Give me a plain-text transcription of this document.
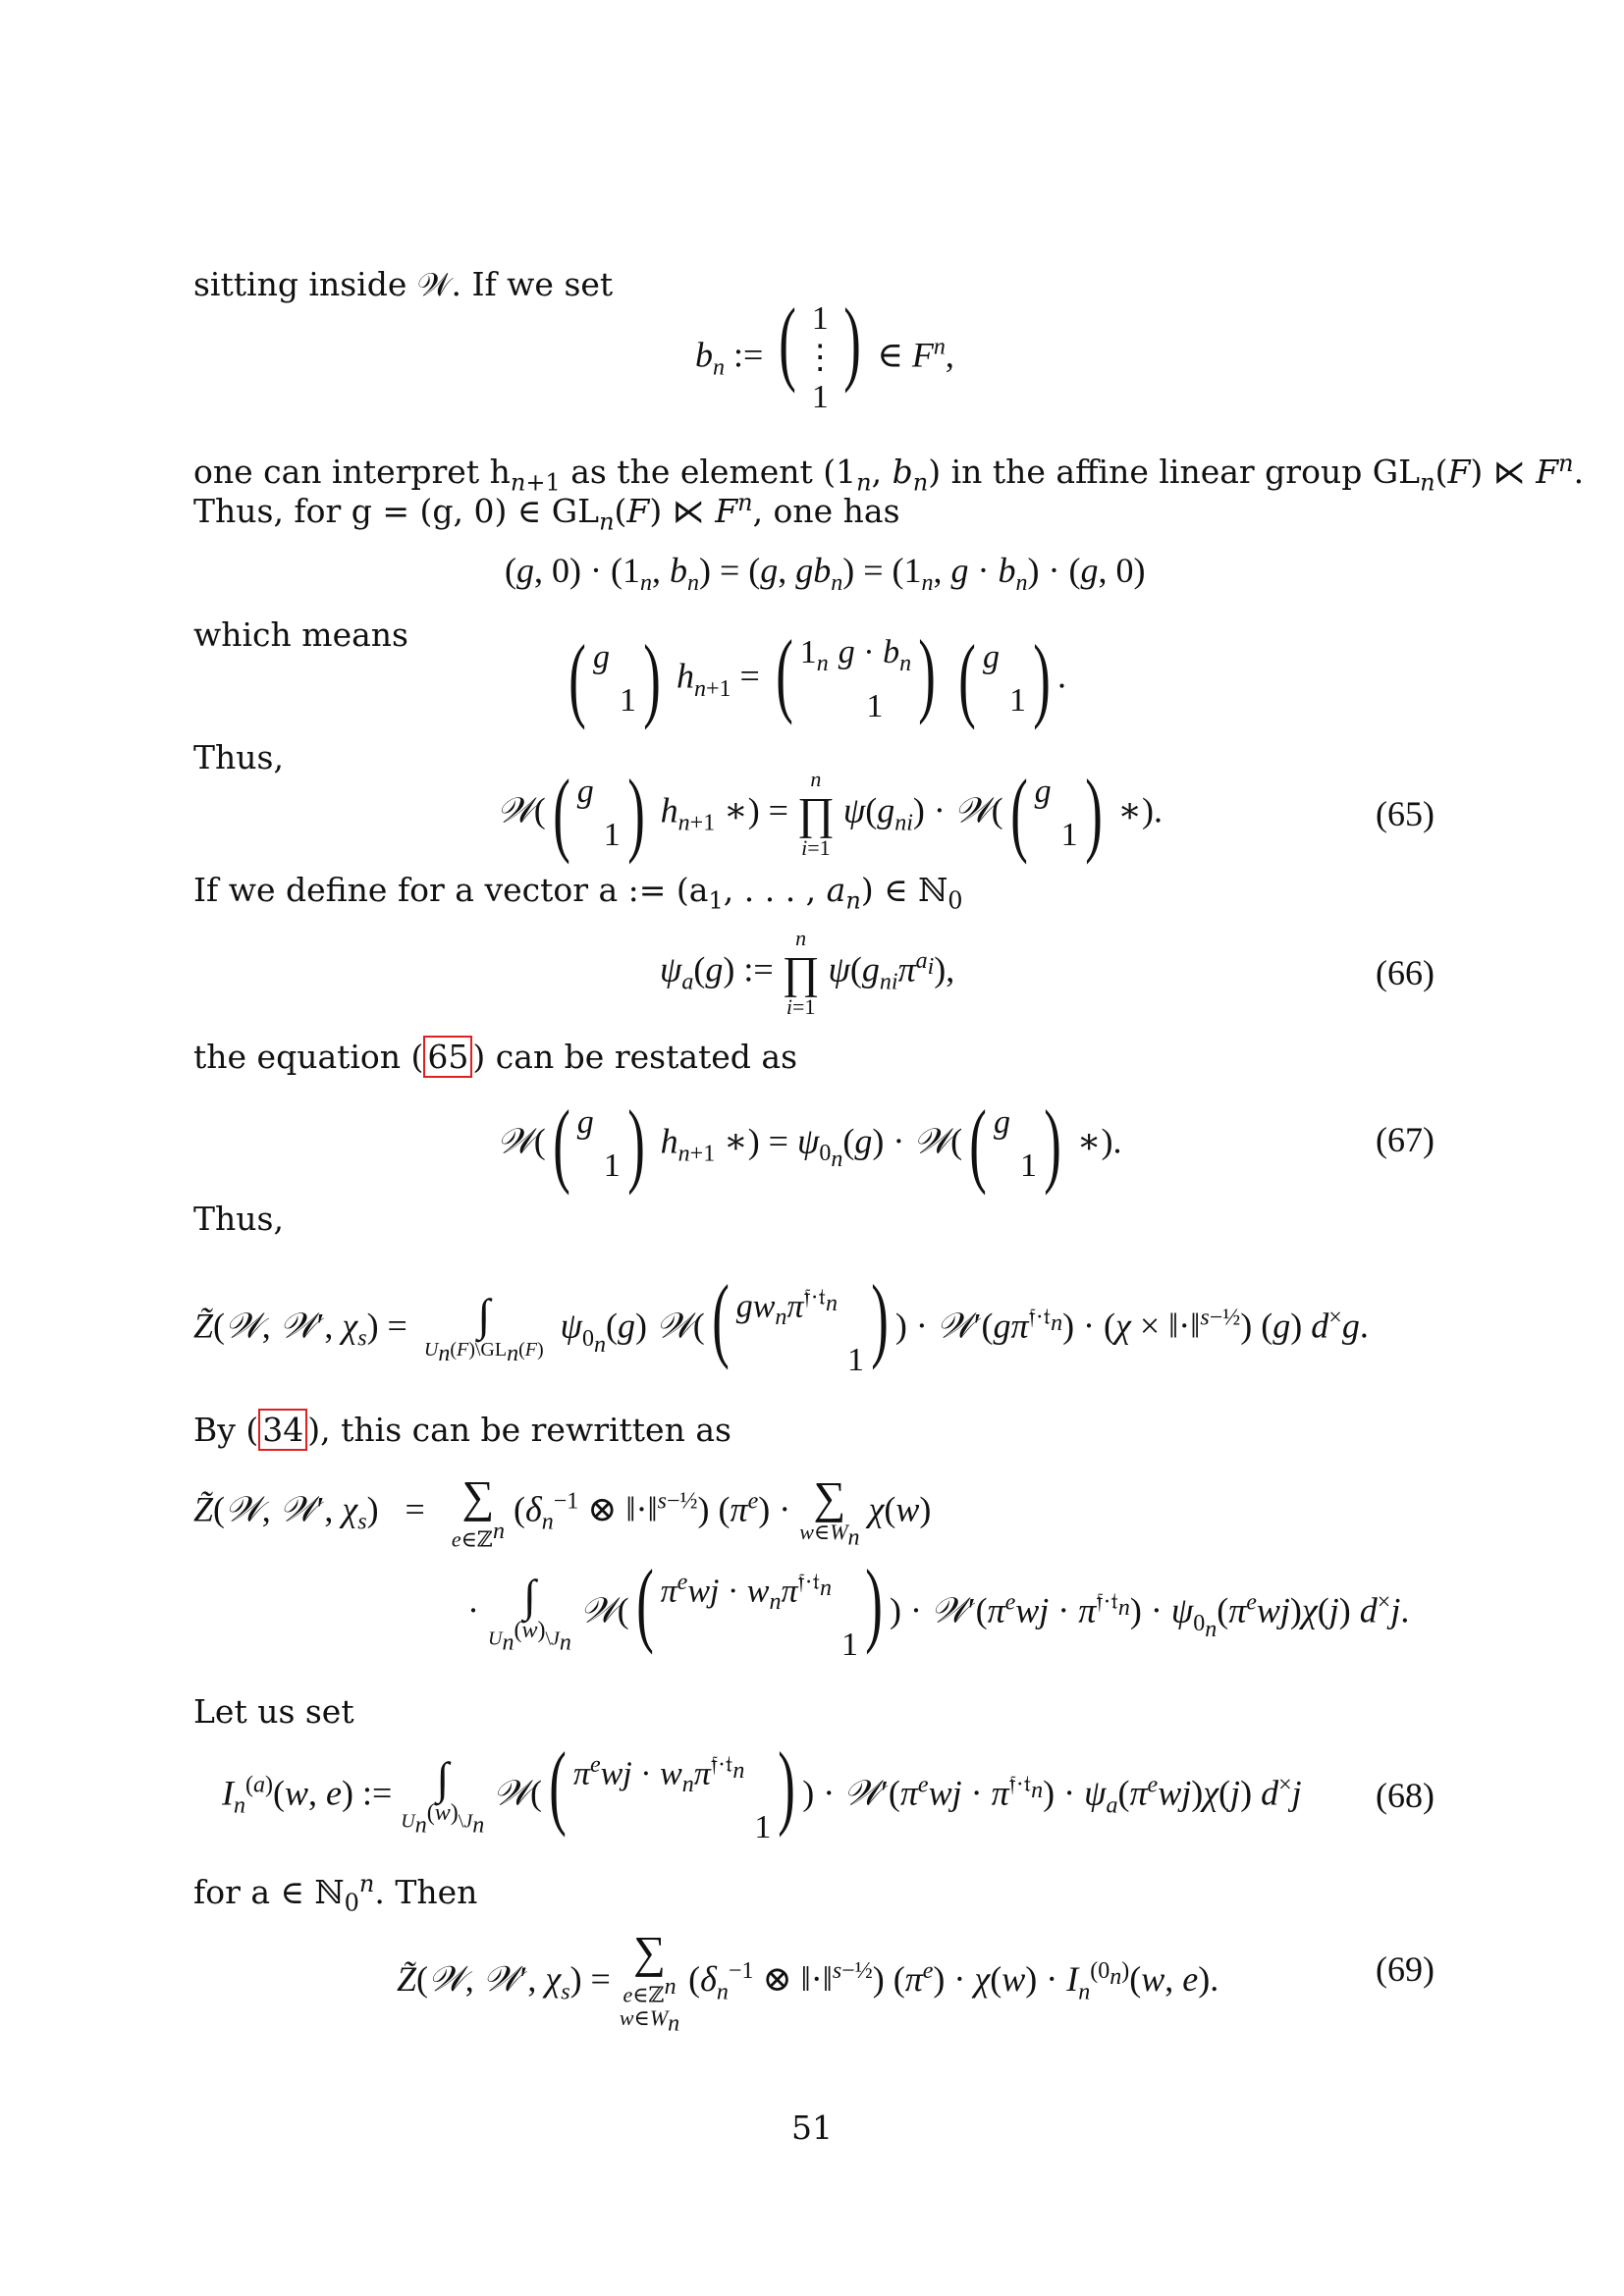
sitting inside 𝒲. If we set
$b_n$ := ( 1
⋮
1
) ∈ $F^n$,
one can interpret $h_{n+1}$ as the element ($1_n$, $b_n$) in the affine linear group $GL_n(F)$ ⋉ $F^n$.
Thus, for g = (g, 0) ∈ $GL_n(F)$ ⋉ $F^n$, one has
(g, $0) \cdot (1_n$, $b_n) = (g$, $gb_n) = (1_n$, $g \cdot b_n) \cdot (g$, 0)
which means ( g
1 ) $h_{n+1}$ = ( $1_n$ $g \cdot b_n$
1 )
( g
1 ) .
Thus,
𝒲( ( g
1 ) $h_{n+1}$ ∗) =
n
∏
i=1
$\psi(g_{ni})$ · 𝒲( ( g
1 ) ∗).	(65)
If we define for a vector a := ($a_1$, . . . , $a_n$) ∈ ℕ$_0$
$\psi_a(g)$ :=
n
∏
i=1
$\psi(g_{ni}\pi^{a_i})$,	(66)
the equation ( 65 ) can be restated as
𝒲( ( g
1 ) $h_{n+1}$ ∗) = $\psi_{0_n}(g)$ · 𝒲( ( g
1 ) ∗).	(67)
Thus,
Z̃(𝒲, 𝒲′, $\chi_s$) = ∫
$U_n(F)\backslash GL_n(F)$
$\psi_{0_n}(g)$ 𝒲( ( $gw_n\pi^{𝔣\cdot 𝔱_n}$
1 ) ) · $𝒲'(g\pi^{𝔣\cdot 𝔱_n}) \cdot (\chi$ × ‖·‖$^{s-\frac{1}{2}}$) (g) d×g.
By ( 34 ), this can be rewritten as
Z̃(𝒲, 𝒲′, $\chi_s$)   = ∑
e∈ℤ$^n$
($\delta_n^{-1}$ ⊗ ‖·‖$^{s-\frac{1}{2}}$) $(\pi^e)$ · ∑
$w\in W_n$
χ(w)
· ∫
$U_n^{(w)}\backslash J_n$
𝒲( ( $\pi^ewj \cdot w_n\pi^{𝔣\cdot 𝔱_n}$
1 ) ) · $𝒲'(\pi^ewj \cdot \pi^{𝔣\cdot 𝔱_n}) \cdot \psi_{0_n}(\pi^ewj)\chi(j)$ d×j.
Let us set
$I_n^{(a)}(w$, e) := ∫
$U_n^{(w)}\backslash J_n$
𝒲( ( $\pi^ewj \cdot w_n\pi^{𝔣\cdot 𝔱_n}$
1 ) ) · $𝒲'(\pi^ewj \cdot \pi^{𝔣\cdot 𝔱_n}) \cdot \psi_a(\pi^ewj)\chi(j)$ d×j (68)
for a ∈ ℕ$_0^n$. Then
Z̃(𝒲, 𝒲′, $\chi_s$) =
∑
e∈ℤ$^n$
$w\in W_n$
($\delta_n^{-1}$ ⊗ ‖·‖$^{s-\frac{1}{2}}$) $(\pi^e) \cdot \chi(w) \cdot I_n^{(0_n)}(w$, e).	(69)
51
